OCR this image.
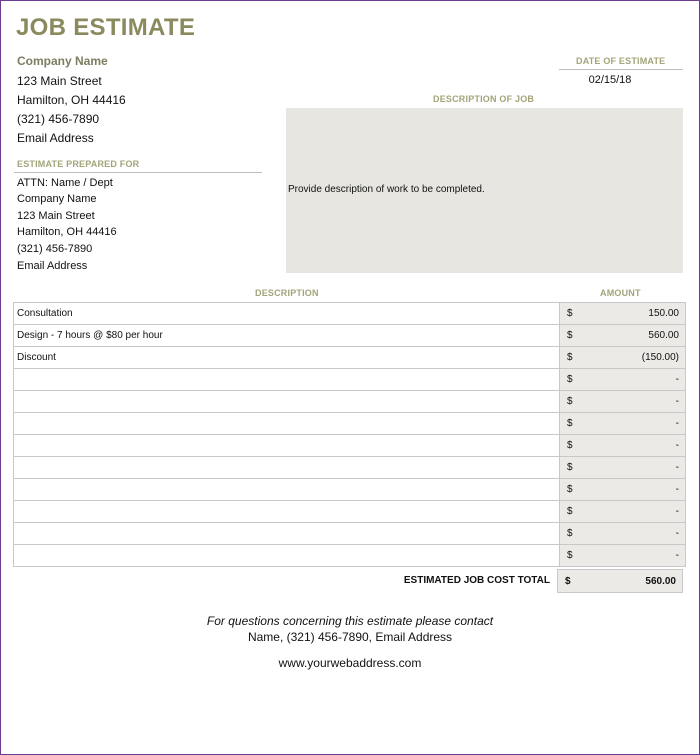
JOB ESTIMATE
Company Name
123 Main Street
Hamilton, OH 44416
(321) 456-7890
Email Address
DATE OF ESTIMATE
02/15/18
DESCRIPTION OF JOB
Provide description of work to be completed.
ESTIMATE PREPARED FOR
ATTN: Name / Dept
Company Name
123 Main Street
Hamilton, OH 44416
(321) 456-7890
Email Address
DESCRIPTION	AMOUNT
Consultation	$ 150.00

Design - 7 hours @ $80 per hour	$ 560.00

Discount	$ (150.00)

	$ -

	$ -

	$ -

	$ -

	$ -

	$ -

	$ -

	$ -

	$ -
ESTIMATED JOB COST TOTAL $	560.00
For questions concerning this estimate please contact
Name, (321) 456-7890, Email Address
www.yourwebaddress.com
